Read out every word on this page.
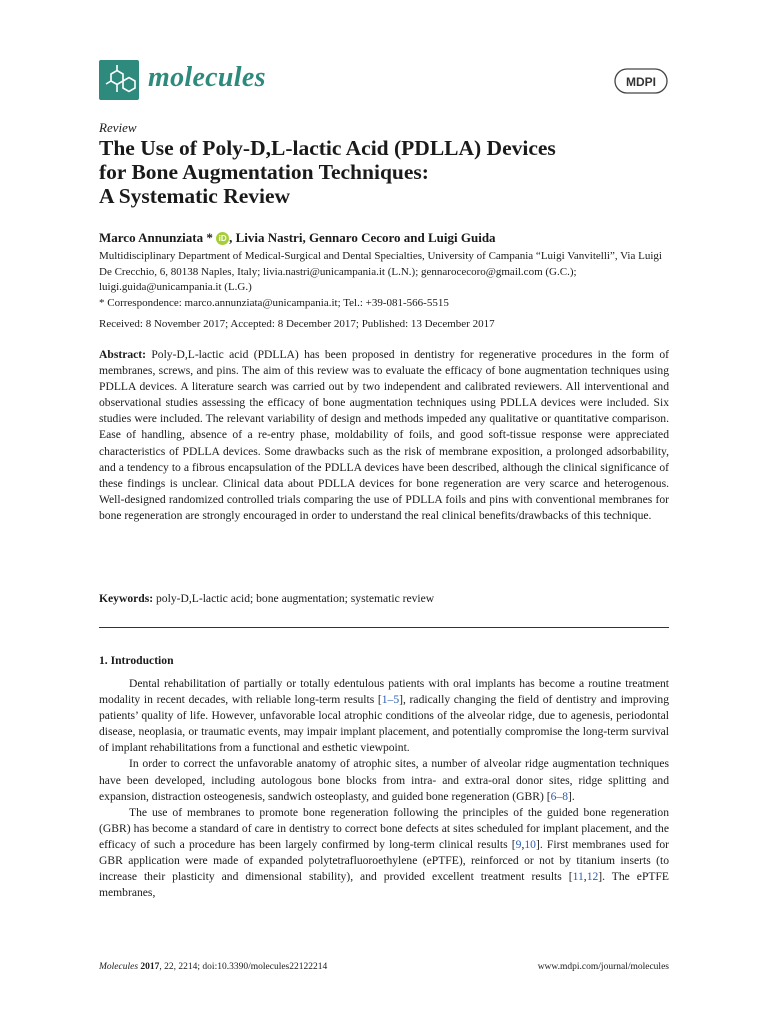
molecules	MDPI
Review
The Use of Poly-D,L-lactic Acid (PDLLA) Devices
for Bone Augmentation Techniques:
A Systematic Review
Marco Annunziata * iD , Livia Nastri, Gennaro Cecoro and Luigi Guida

Multidisciplinary Department of Medical-Surgical and Dental Specialties, University of Campania “Luigi Vanvitelli”, Via Luigi De Crecchio, 6, 80138 Naples, Italy; livia.nastri@unicampania.it (L.N.); gennarocecoro@gmail.com (G.C.); luigi.guida@unicampania.it (L.G.)

* Correspondence: marco.annunziata@unicampania.it; Tel.: +39-081-566-5515

Received: 8 November 2017; Accepted: 8 December 2017; Published: 13 December 2017

Abstract: Poly-D,L-lactic acid (PDLLA) has been proposed in dentistry for regenerative procedures in the form of membranes, screws, and pins. The aim of this review was to evaluate the efficacy of bone augmentation techniques using PDLLA devices. A literature search was carried out by two independent and calibrated reviewers. All interventional and observational studies assessing the efficacy of bone augmentation techniques using PDLLA devices were included. Six studies were included. The relevant variability of design and methods impeded any qualitative or quantitative comparison. Ease of handling, absence of a re-entry phase, moldability of foils, and good soft-tissue response were appreciated characteristics of PDLLA devices. Some drawbacks such as the risk of membrane exposition, a prolonged adsorbability, and a tendency to a fibrous encapsulation of the PDLLA devices have been described, although the clinical significance of these findings is unclear. Clinical data about PDLLA devices for bone regeneration are very scarce and heterogenous. Well-designed randomized controlled trials comparing the use of PDLLA foils and pins with conventional membranes for bone regeneration are strongly encouraged in order to understand the real clinical benefits/drawbacks of this technique.

Keywords: poly-D,L-lactic acid; bone augmentation; systematic review
1. Introduction

Dental rehabilitation of partially or totally edentulous patients with oral implants has become a routine treatment modality in recent decades, with reliable long-term results [1–5], radically changing the field of dentistry and improving patients’ quality of life. However, unfavorable local atrophic conditions of the alveolar ridge, due to agenesis, periodontal disease, neoplasia, or traumatic events, may impair implant placement, and potentially compromise the long-term survival of implant rehabilitations from a functional and esthetic viewpoint.

In order to correct the unfavorable anatomy of atrophic sites, a number of alveolar ridge augmentation techniques have been developed, including autologous bone blocks from intra- and extra-oral donor sites, ridge splitting and expansion, distraction osteogenesis, sandwich osteoplasty, and guided bone regeneration (GBR) [6–8].

The use of membranes to promote bone regeneration following the principles of the guided bone regeneration (GBR) has become a standard of care in dentistry to correct bone defects at sites scheduled for implant placement, and the efficacy of such a procedure has been largely confirmed by long-term clinical results [9,10]. First membranes used for GBR application were made of expanded polytetrafluoroethylene (ePTFE), reinforced or not by titanium inserts (to increase their plasticity and dimensional stability), and provided excellent treatment results [11,12]. The ePTFE membranes,

Molecules 2017, 22, 2214; doi:10.3390/molecules22122214	www.mdpi.com/journal/molecules
